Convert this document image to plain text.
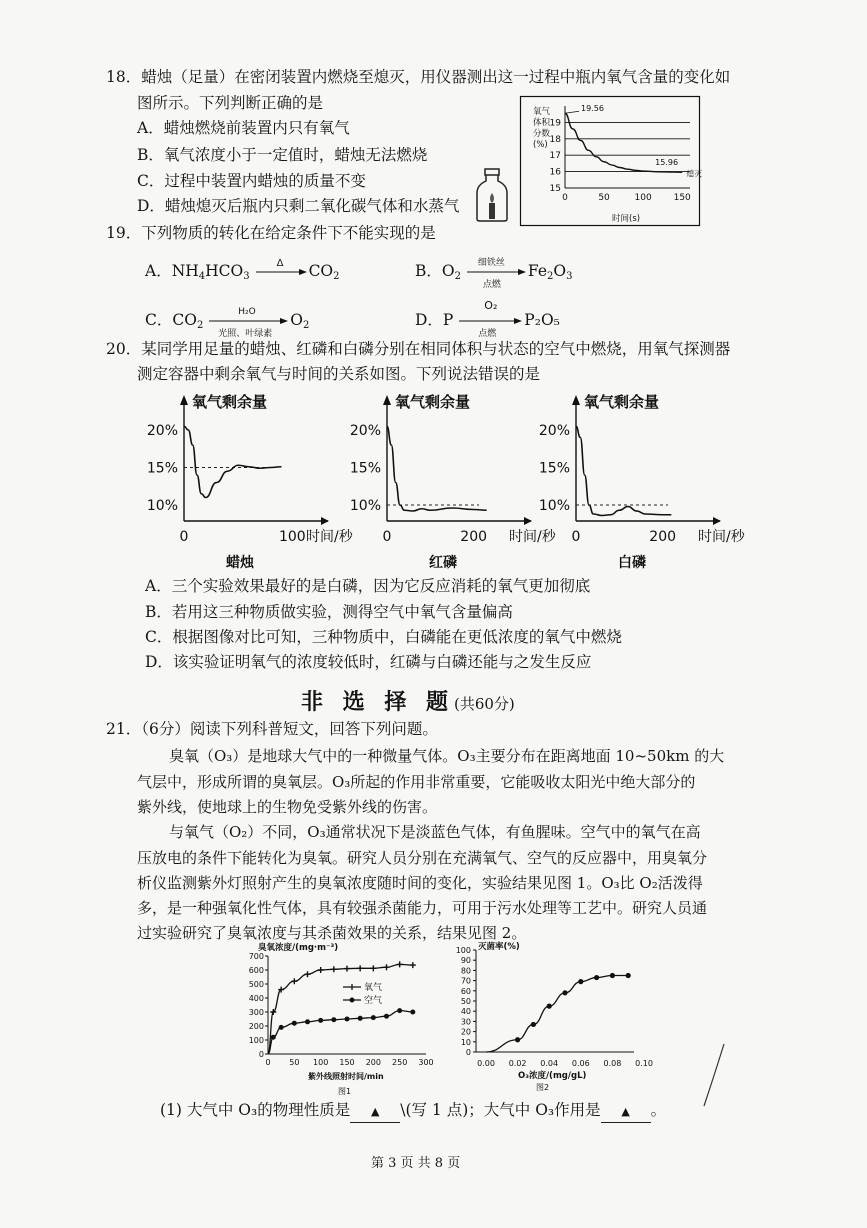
18．蜡烛（足量）在密闭装置内燃烧至熄灭，用仪器测出这一过程中瓶内氧气含量的变化如
图所示。下列判断正确的是
A．蜡烛燃烧前装置内只有氧气
B．氧气浓度小于一定值时，蜡烛无法燃烧
C．过程中装置内蜡烛的质量不变
D．蜡烛熄灭后瓶内只剩二氧化碳气体和水蒸气
氧气
体积
分数
(%)
时间(s)
19
18
17
16
15
0	50	100 150
19.56
15.96
熄灭
19．下列物质的转化在给定条件下不能实现的是
A．NH4HCO3
Δ CO2	B．O2
细铁丝
点燃
Fe2O3
C．CO2
H₂O
光照、叶绿素
O2	D．P
O₂
点燃
P₂O₅
20．某同学用足量的蜡烛、红磷和白磷分别在相同体积与状态的空气中燃烧，用氧气探测器
测定容器中剩余氧气与时间的关系如图。下列说法错误的是
氧气剩余量
20%
15%
10%
0	100 时间/秒
蜡烛
氧气剩余量
20%
15%
10%
0	200 时间/秒
红磷
氧气剩余量
20%
15%
10%
0	200 时间/秒
白磷
A．三个实验效果最好的是白磷，因为它反应消耗的氧气更加彻底
B．若用这三种物质做实验，测得空气中氧气含量偏高
C．根据图像对比可知，三种物质中，白磷能在更低浓度的氧气中燃烧
D．该实验证明氧气的浓度较低时，红磷与白磷还能与之发生反应
非 选 择 题(共60分)
21．（6分）阅读下列科普短文，回答下列问题。
臭氧（O₃）是地球大气中的一种微量气体。O₃主要分布在距离地面 10~50km 的大
气层中，形成所谓的臭氧层。O₃所起的作用非常重要，它能吸收太阳光中绝大部分的
紫外线，使地球上的生物免受紫外线的伤害。
与氧气（O₂）不同，O₃通常状况下是淡蓝色气体，有鱼腥味。空气中的氧气在高
压放电的条件下能转化为臭氧。研究人员分别在充满氧气、空气的反应器中，用臭氧分
析仪监测紫外灯照射产生的臭氧浓度随时间的变化，实验结果见图 1。O₃比 O₂活泼得
多，是一种强氧化性气体，具有较强杀菌能力，可用于污水处理等工艺中。研究人员通
过实验研究了臭氧浓度与其杀菌效果的关系，结果见图 2。
臭氧浓度/(mg·m⁻³)
700
600
500
400
300
200
100
0
0 50 100 150 200 250 300
紫外线照射时间/min
图1
氧气
空气
灭菌率(%)
100
90
80
70
60
50
40
30
20
10
0
0.00 0.02 0.04 0.06 0.08 0.10
O₃浓度/(mg/gL)
图2
(1) 大气中 O₃的物理性质是 ▲ \(写 1 点)；大气中 O₃作用是 ▲ 。
第 3 页 共 8 页
